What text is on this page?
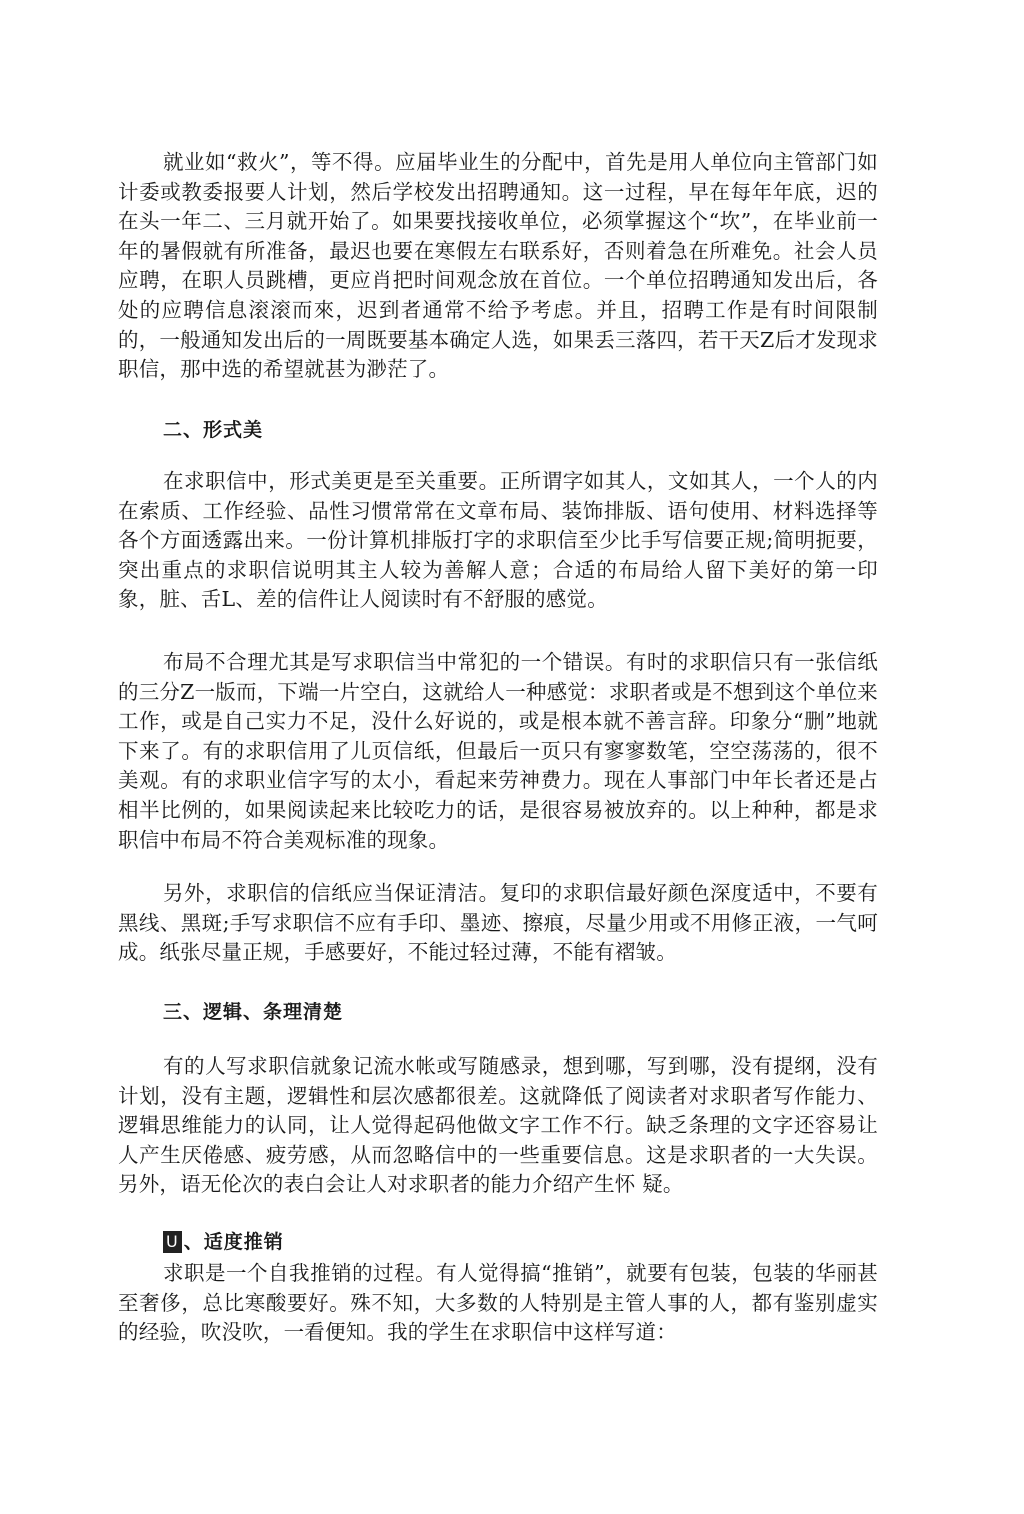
就业如“救火”，等不得。应届毕业生的分配中，首先是用人单位向主管部门如计委或教委报要人计划，然后学校发出招聘通知。这一过程，早在每年年底，迟的在头一年二、三月就开始了。如果要找接收单位，必须掌握这个“坎”，在毕业前一年的暑假就有所准备，最迟也要在寒假左右联系好，否则着急在所难免。社会人员应聘，在职人员跳槽，更应肖把时间观念放在首位。一个单位招聘通知发出后，各处的应聘信息滚滚而來，迟到者通常不给予考虑。并且，招聘工作是有时间限制的，一般通知发出后的一周既要基本确定人选，如果丢三落四，若干天Z后才发现求职信，那中选的希望就甚为渺茫了。

二、形式美

在求职信中，形式美更是至关重要。正所谓字如其人，文如其人，一个人的内在索质、工作经验、品性习惯常常在文章布局、装饰排版、语句使用、材料选择等各个方面透露出来。一份计算机排版打字的求职信至少比手写信要正规;简明扼要，突出重点的求职信说明其主人较为善解人意；合适的布局给人留下美好的第一印象，脏、舌L、差的信件让人阅读时有不舒服的感觉。

布局不合理尤其是写求职信当中常犯的一个错误。有时的求职信只有一张信纸的三分Z一版而，下端一片空白，这就给人一种感觉：求职者或是不想到这个单位来工作，或是自己实力不足，没什么好说的，或是根本就不善言辞。印象分“删”地就下来了。有的求职信用了儿页信纸，但最后一页只有寥寥数笔，空空荡荡的，很不美观。有的求职业信字写的太小，看起来劳神费力。现在人事部门中年长者还是占相半比例的，如果阅读起来比较吃力的话，是很容易被放弃的。以上种种，都是求职信中布局不符合美观标准的现象。

另外，求职信的信纸应当保证清洁。复印的求职信最好颜色深度适中，不要有黑线、黑斑;手写求职信不应有手印、墨迹、擦痕，尽量少用或不用修正液，一气呵成。纸张尽量正规，手感要好，不能过轻过薄，不能有褶皱。

三、逻辑、条理清楚

有的人写求职信就象记流水帐或写随感录，想到哪，写到哪，没有提纲，没有计划，没有主题，逻辑性和层次感都很差。这就降低了阅读者对求职者写作能力、逻辑思维能力的认同，让人觉得起码他做文字工作不行。缺乏条理的文字还容易让人产生厌倦感、疲劳感，从而忽略信中的一些重要信息。这是求职者的一大失误。另外，语无伦次的表白会让人对求职者的能力介绍产生怀 疑。

U 、适度推销

求职是一个自我推销的过程。有人觉得搞“推销”，就要有包装，包装的华丽甚至奢侈，总比寒酸要好。殊不知，大多数的人特别是主管人事的人，都有鉴别虚实的经验，吹没吹，一看便知。我的学生在求职信中这样写道：
